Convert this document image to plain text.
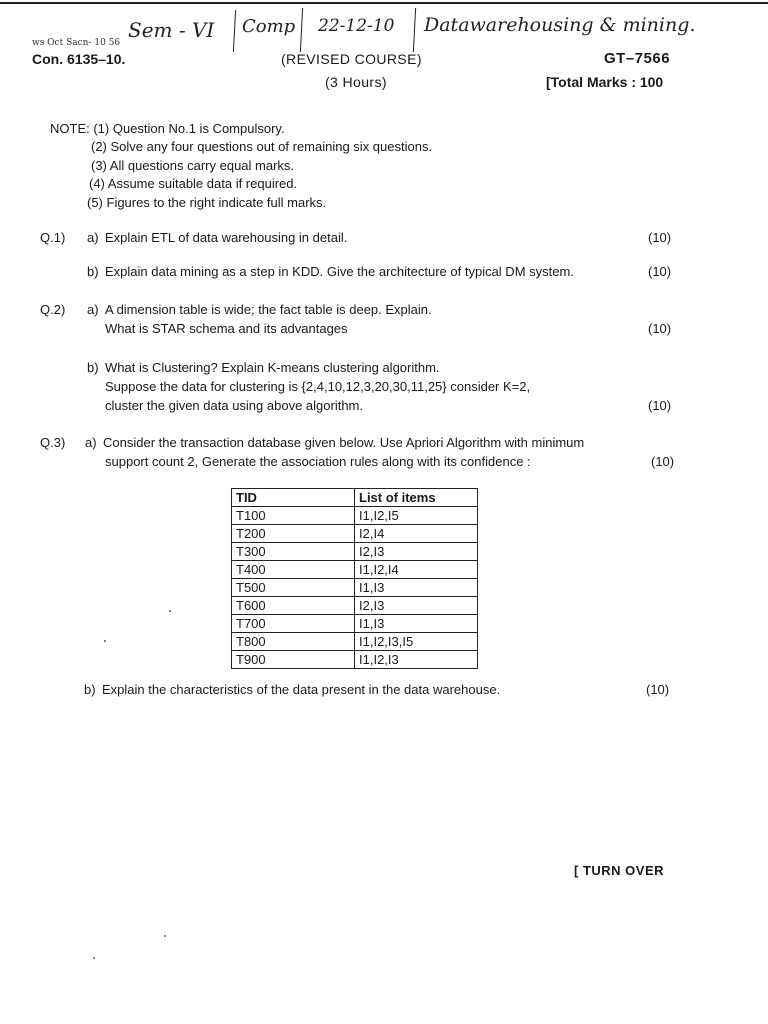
Sem - VI Comp 22-12-10 Datawarehousing & mining.
ws Oct Sacn- 10 56
Con. 6135–10.	(REVISED COURSE)	GT–7566
(3 Hours)	[Total Marks : 100
NOTE: (1) Question No.1 is Compulsory.
(2) Solve any four questions out of remaining six questions.
(3) All questions carry equal marks.
(4) Assume suitable data if required.
(5) Figures to the right indicate full marks.
Q.1) a) Explain ETL of data warehousing in detail.	(10)
b) Explain data mining as a step in KDD. Give the architecture of typical DM system.	(10)
Q.2) a) A dimension table is wide; the fact table is deep. Explain.
What is STAR schema and its advantages	(10)
b) What is Clustering? Explain K-means clustering algorithm.
Suppose the data for clustering is {2,4,10,12,3,20,30,11,25} consider K=2,
cluster the given data using above algorithm.	(10)
Q.3) a) Consider the transaction database given below. Use Apriori Algorithm with minimum
support count 2, Generate the association rules along with its confidence :	(10)
TID	List of items
T100	I1,I2,I5
T200	I2,I4
T300	I2,I3
T400	I1,I2,I4
T500	I1,I3
T600	I2,I3
T700	I1,I3
T800	I1,I2,I3,I5
T900	I1,I2,I3
b) Explain the characteristics of the data present in the data warehouse.	(10)
[ TURN OVER
